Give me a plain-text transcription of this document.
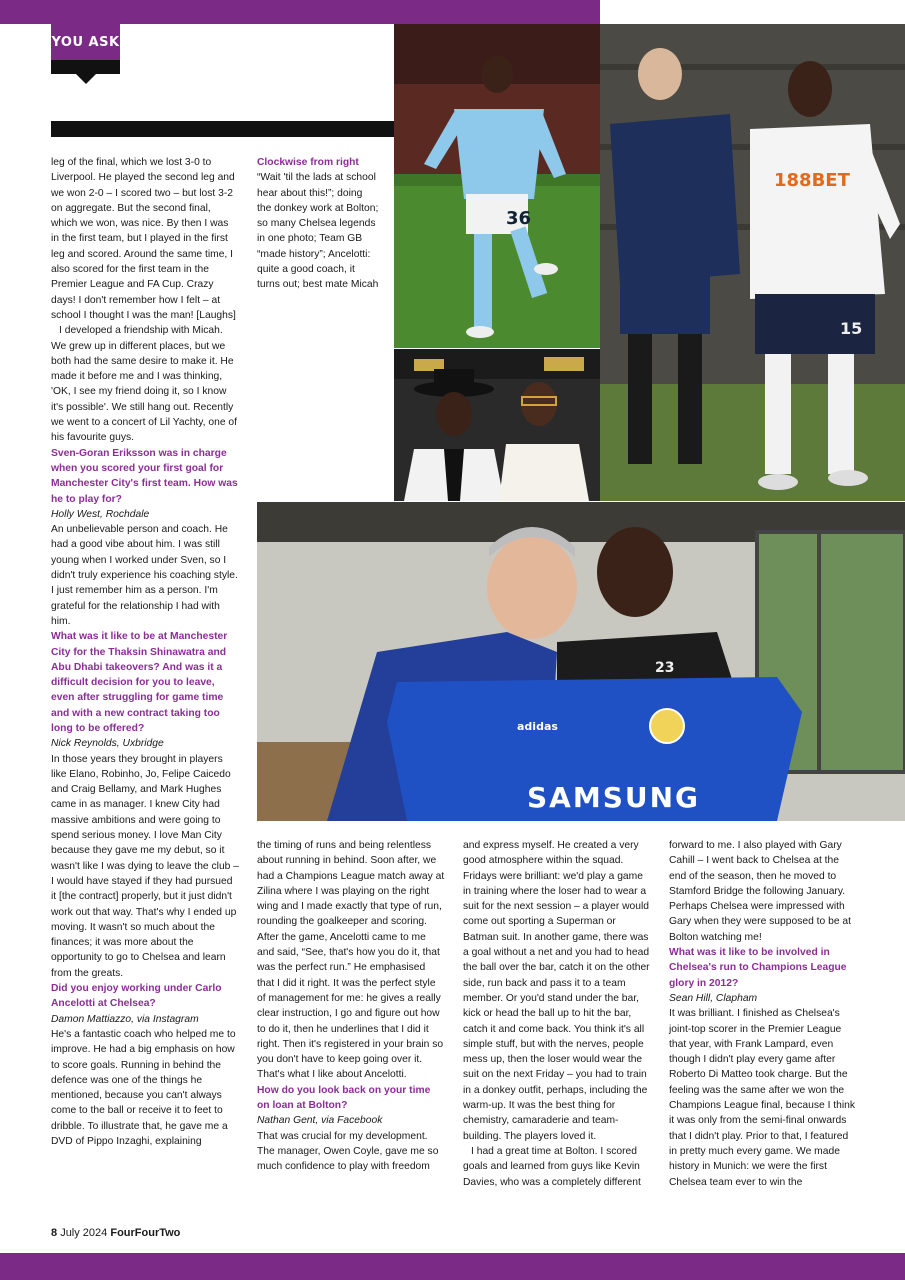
YOU ASK
36
188BET
15
23
adidas
SAMSUNG

leg of the final, which we lost 3-0 to Liverpool. He played the second leg and we won 2-0 – I scored two – but lost 3-2 on aggregate. But the second final, which we won, was nice. By then I was in the first team, but I played in the first leg and scored. Around the same time, I also scored for the first team in the Premier League and FA Cup. Crazy days! I don't remember how I felt – at school I thought I was the man! [Laughs]

I developed a friendship with Micah. We grew up in different places, but we both had the same desire to make it. He made it before me and I was thinking, 'OK, I see my friend doing it, so I know it's possible'. We still hang out. Recently we went to a concert of Lil Yachty, one of his favourite guys.

Sven-Goran Eriksson was in charge when you scored your first goal for Manchester City's first team. How was he to play for?

Holly West, Rochdale

An unbelievable person and coach. He had a good vibe about him. I was still young when I worked under Sven, so I didn't truly experience his coaching style. I just remember him as a person. I'm grateful for the relationship I had with him.

What was it like to be at Manchester City for the Thaksin Shinawatra and Abu Dhabi takeovers? And was it a difficult decision for you to leave, even after struggling for game time and with a new contract taking too long to be offered?

Nick Reynolds, Uxbridge

In those years they brought in players like Elano, Robinho, Jo, Felipe Caicedo and Craig Bellamy, and Mark Hughes came in as manager. I knew City had massive ambitions and were going to spend serious money. I love Man City because they gave me my debut, so it wasn't like I was dying to leave the club – I would have stayed if they had pursued it [the contract] properly, but it just didn't work out that way. That's why I ended up moving. It wasn't so much about the finances; it was more about the opportunity to go to Chelsea and learn from the greats.

Did you enjoy working under Carlo Ancelotti at Chelsea?

Damon Mattiazzo, via Instagram

He's a fantastic coach who helped me to improve. He had a big emphasis on how to score goals. Running in behind the defence was one of the things he mentioned, because you can't always come to the ball or receive it to feet to dribble. To illustrate that, he gave me a DVD of Pippo Inzaghi, explaining

Clockwise from right

“Wait 'til the lads at school hear about this!”; doing the donkey work at Bolton; so many Chelsea legends in one photo; Team GB “made history”; Ancelotti: quite a good coach, it turns out; best mate Micah

the timing of runs and being relentless about running in behind. Soon after, we had a Champions League match away at Zilina where I was playing on the right wing and I made exactly that type of run, rounding the goalkeeper and scoring. After the game, Ancelotti came to me and said, “See, that's how you do it, that was the perfect run.” He emphasised that I did it right. It was the perfect style of management for me: he gives a really clear instruction, I go and figure out how to do it, then he underlines that I did it right. Then it's registered in your brain so you don't have to keep going over it. That's what I like about Ancelotti.

How do you look back on your time on loan at Bolton?

Nathan Gent, via Facebook

That was crucial for my development. The manager, Owen Coyle, gave me so much confidence to play with freedom

and express myself. He created a very good atmosphere within the squad. Fridays were brilliant: we'd play a game in training where the loser had to wear a suit for the next session – a player would come out sporting a Superman or Batman suit. In another game, there was a goal without a net and you had to head the ball over the bar, catch it on the other side, run back and pass it to a team member. Or you'd stand under the bar, kick or head the ball up to hit the bar, catch it and come back. You think it's all simple stuff, but with the nerves, people mess up, then the loser would wear the suit on the next Friday – you had to train in a donkey outfit, perhaps, including the warm-up. It was the best thing for chemistry, camaraderie and team-building. The players loved it.

I had a great time at Bolton. I scored goals and learned from guys like Kevin Davies, who was a completely different

forward to me. I also played with Gary Cahill – I went back to Chelsea at the end of the season, then he moved to Stamford Bridge the following January. Perhaps Chelsea were impressed with Gary when they were supposed to be at Bolton watching me!

What was it like to be involved in Chelsea's run to Champions League glory in 2012?

Sean Hill, Clapham

It was brilliant. I finished as Chelsea's joint-top scorer in the Premier League that year, with Frank Lampard, even though I didn't play every game after Roberto Di Matteo took charge. But the feeling was the same after we won the Champions League final, because I think it was only from the semi-final onwards that I didn't play. Prior to that, I featured in pretty much every game. We made history in Munich: we were the first Chelsea team ever to win the

8 July 2024 FourFourTwo
